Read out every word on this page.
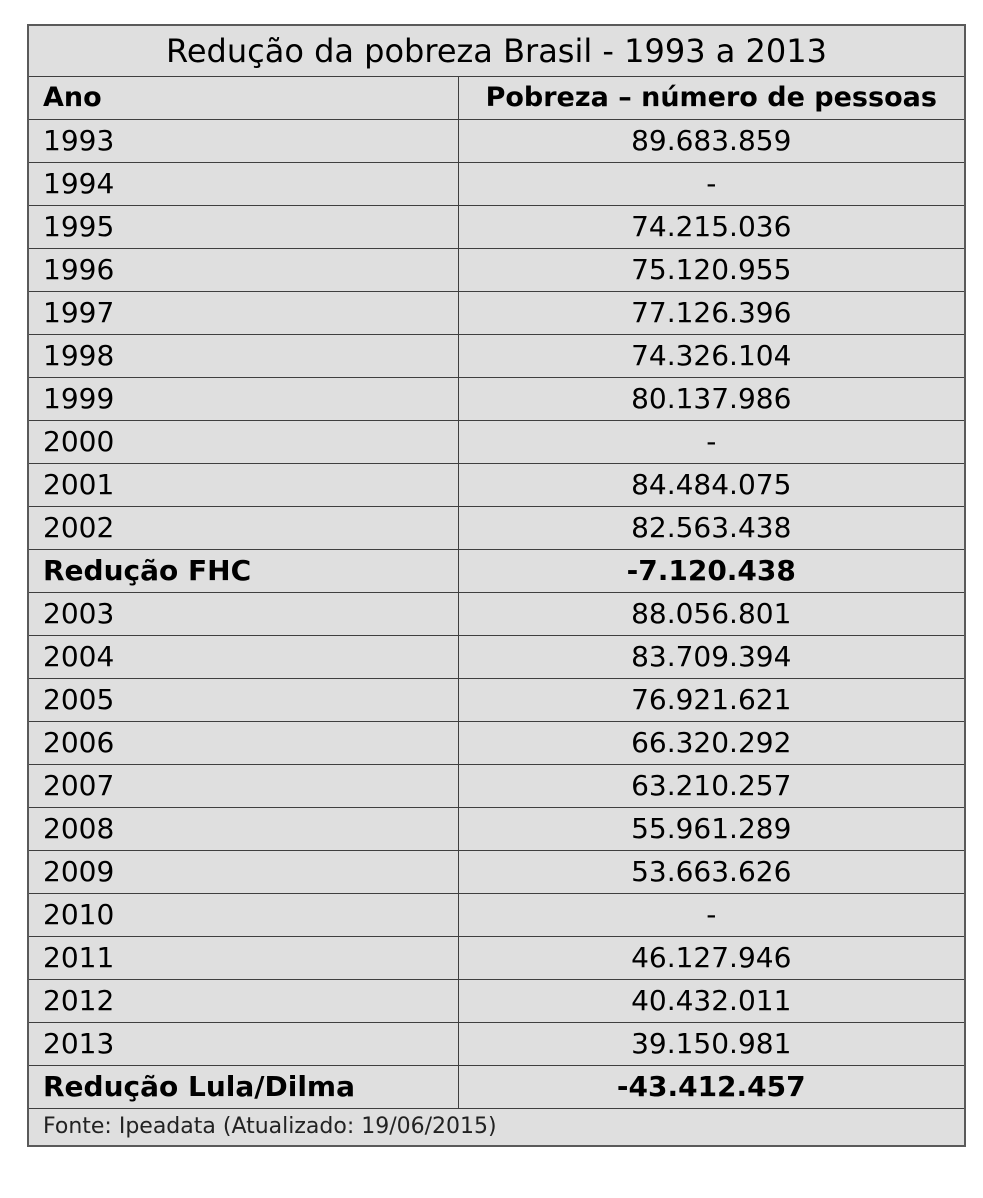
Redução da pobreza Brasil - 1993 a 2013	
Ano	Pobreza – número de pessoas
1993	89.683.859
1994	-
1995	74.215.036
1996	75.120.955
1997	77.126.396
1998	74.326.104
1999	80.137.986
2000	-
2001	84.484.075
2002	82.563.438
Redução FHC	-7.120.438
2003	88.056.801
2004	83.709.394
2005	76.921.621
2006	66.320.292
2007	63.210.257
2008	55.961.289
2009	53.663.626
2010	-
2011	46.127.946
2012	40.432.011
2013	39.150.981
Redução Lula/Dilma	-43.412.457
Fonte: Ipeadata (Atualizado: 19/06/2015)	
